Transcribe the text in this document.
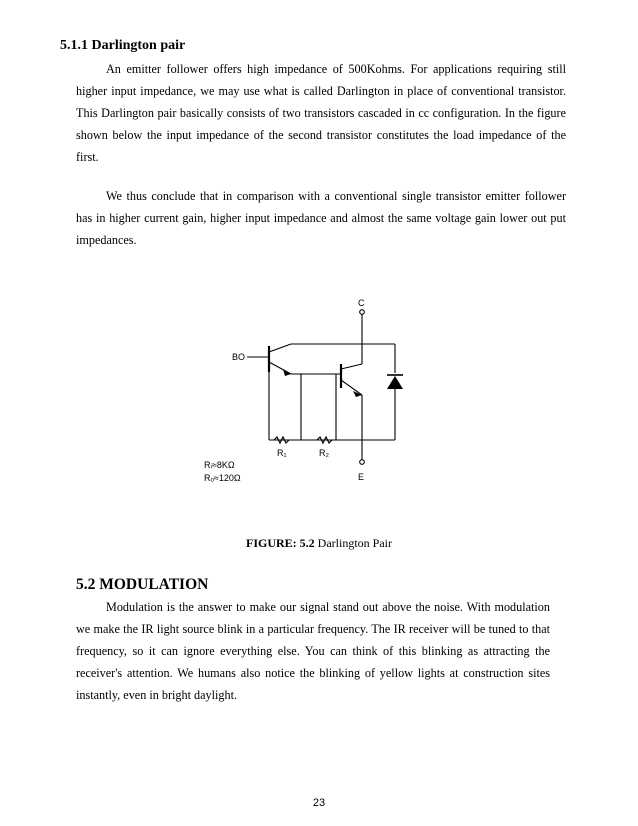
5.1.1 Darlington pair

An emitter follower offers high impedance of 500Kohms. For applications requiring still higher input impedance, we may use what is called Darlington in place of conventional transistor. This Darlington pair basically consists of two transistors cascaded in cc configuration. In the figure shown below the input impedance of the second transistor constitutes the load impedance of the first.

We thus conclude that in comparison with a conventional single transistor emitter follower has in higher current gain, higher input impedance and almost the same voltage gain lower out put impedances.

C
BO
E
R₁	R₂
Rᵢ≈8KΩ
Rₒ≈120Ω

FIGURE: 5.2 Darlington Pair

5.2 MODULATION

Modulation is the answer to make our signal stand out above the noise. With modulation we make the IR light source blink in a particular frequency. The IR receiver will be tuned to that frequency, so it can ignore everything else. You can think of this blinking as attracting the receiver's attention. We humans also notice the blinking of yellow lights at construction sites instantly, even in bright daylight.

23
